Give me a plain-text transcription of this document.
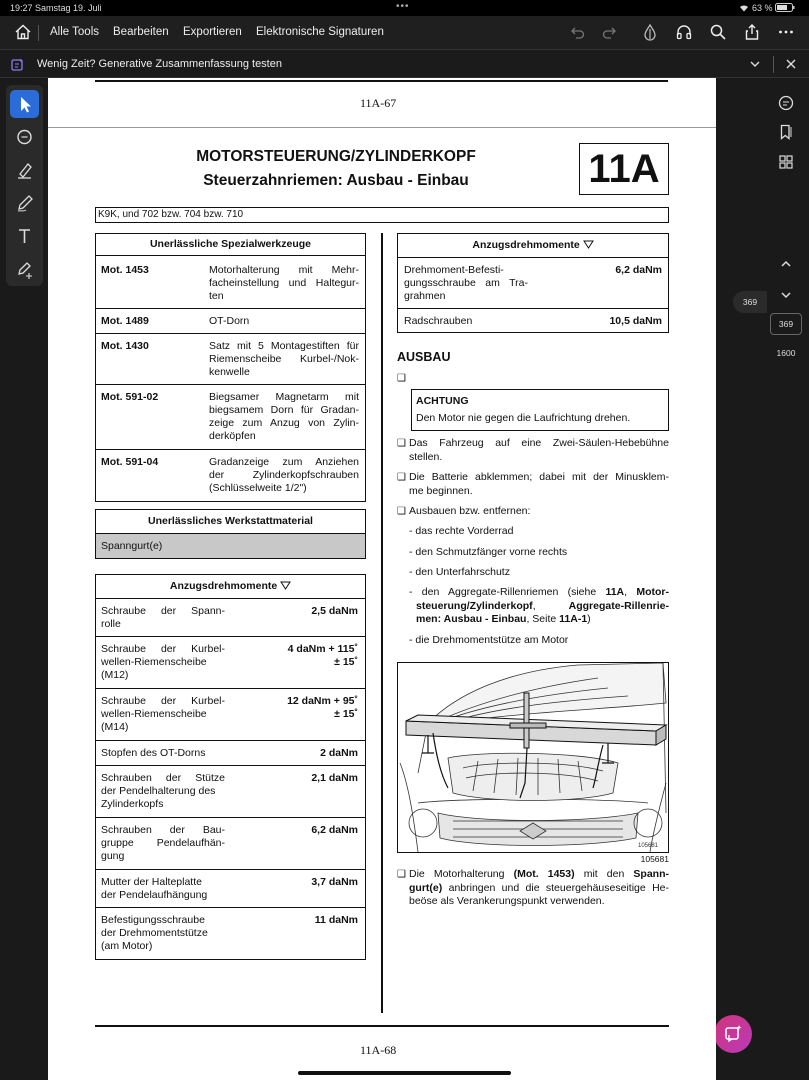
19:27 Samstag 19. Juli	•••	63 %
Alle Tools Bearbeiten Exportieren Elektronische Signaturen
Wenig Zeit? Generative Zusammenfassung testen
369
1600
369
11A-67
MOTORSTEUERUNG/ZYLINDERKOPF
Steuerzahnriemen: Ausbau - Einbau	11A
K9K, und 702 bzw. 704 bzw. 710
Unerlässliche Spezialwerkzeuge
Mot. 1453	Motorhalterung mit Mehr-
facheinstellung und Haltegur-
ten
Mot. 1489	OT-Dorn
Mot. 1430	Satz mit 5 Montagestiften für
Riemenscheibe Kurbel-/Nok-
kenwelle
Mot. 591-02	Biegsamer Magnetarm mit
biegsamem Dorn für Gradan-
zeige zum Anzug von Zylin-
derköpfen
Mot. 591-04	Gradanzeige zum Anziehen
der Zylinderkopfschrauben
(Schlüsselweite 1/2")
Unerlässliches Werkstattmaterial
Spanngurt(e)
Anzugsdrehmomente
Schraube der Spann-
rolle
2,5 daNm
Schraube der Kurbel-
wellen-Riemenscheibe
(M12)
4 daNm + 115˚
± 15˚
Schraube der Kurbel-
wellen-Riemenscheibe
(M14)
12 daNm + 95˚
± 15˚
Stopfen des OT-Dorns	2 daNm
Schrauben der Stütze
der Pendelhalterung des
Zylinderkopfs
2,1 daNm
Schrauben der Bau-
gruppe Pendelaufhän-
gung
6,2 daNm
Mutter der Halteplatte
der Pendelaufhängung
3,7 daNm
Befestigungsschraube
der Drehmomentstütze
(am Motor)
11 daNm
Anzugsdrehmomente
Drehmoment-Befesti-
gungsschraube am Tra-
grahmen
6,2 daNm
Radschrauben	10,5 daNm
AUSBAU
❑
ACHTUNG
Den Motor nie gegen die Laufrichtung drehen.
❑ Das Fahrzeug auf eine Zwei-Säulen-Hebebühne
stellen.
❑ Die Batterie abklemmen; dabei mit der Minusklem-
me beginnen.
❑ Ausbauen bzw. entfernen:
- das rechte Vorderrad
- den Schmutzfänger vorne rechts
- den Unterfahrschutz
- den Aggregate-Rillenriemen (siehe 11A, Motor-
steuerung/Zylinderkopf, Aggregate-Rillenrie-
men: Ausbau - Einbau, Seite 11A-1)
- die Drehmomentstütze am Motor
105681
105681
❑ Die Motorhalterung (Mot. 1453) mit den Spann-
gurt(e) anbringen und die steuergehäuseseitige He-
beöse als Verankerungspunkt verwenden.
11A-68
